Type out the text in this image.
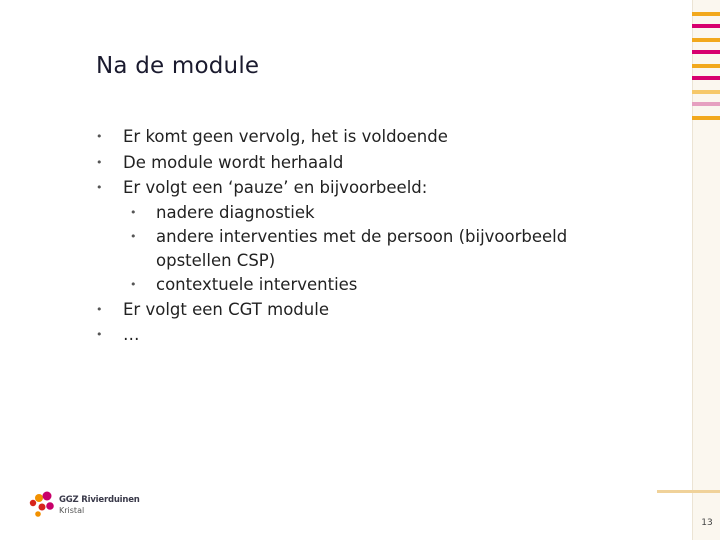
Na de module
• Er komt geen vervolg, het is voldoende
• De module wordt herhaald
• Er volgt een ‘pauze’ en bijvoorbeeld:
• nadere diagnostiek
• andere interventies met de persoon (bijvoorbeeld
opstellen CSP)
• contextuele interventies
• Er volgt een CGT module
• …
13
GGZ Rivierduinen
Kristal
